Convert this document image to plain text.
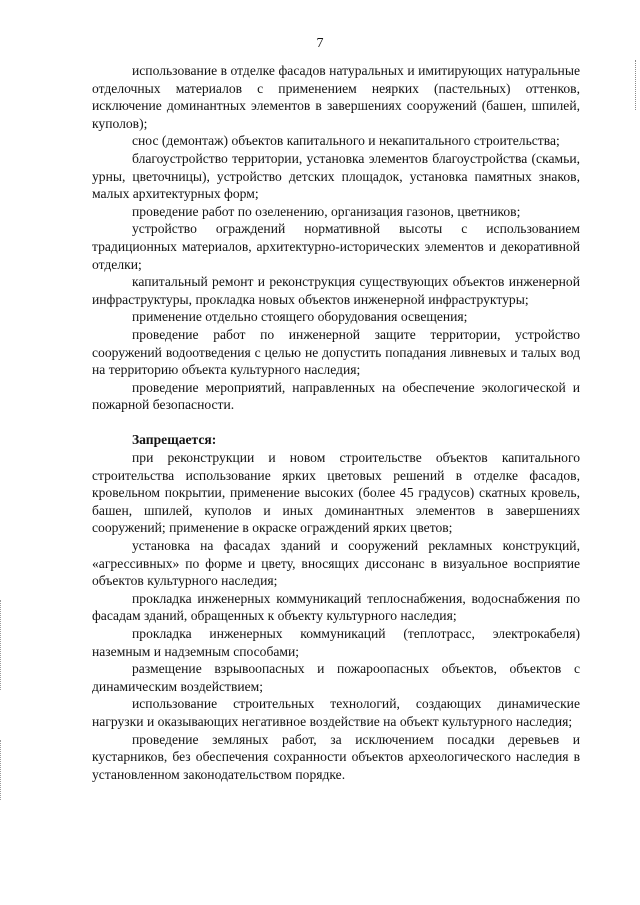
7

использование в отделке фасадов натуральных и имитирующих натуральные отделочных материалов с применением неярких (пастельных) оттенков, исключение доминантных элементов в завершениях сооружений (башен, шпилей, куполов);

снос (демонтаж) объектов капитального и некапитального строительства;

благоустройство территории, установка элементов благоустройства (скамьи, урны, цветочницы), устройство детских площадок, установка памятных знаков, малых архитектурных форм;

проведение работ по озеленению, организация газонов, цветников;

устройство ограждений нормативной высоты с использованием традиционных материалов, архитектурно-исторических элементов и декоративной отделки;

капитальный ремонт и реконструкция существующих объектов инженерной инфраструктуры, прокладка новых объектов инженерной инфраструктуры;

применение отдельно стоящего оборудования освещения;

проведение работ по инженерной защите территории, устройство сооружений водоотведения с целью не допустить попадания ливневых и талых вод на территорию объекта культурного наследия;

проведение мероприятий, направленных на обеспечение экологической и пожарной безопасности.

Запрещается:

при реконструкции и новом строительстве объектов капитального строительства использование ярких цветовых решений в отделке фасадов, кровельном покрытии, применение высоких (более 45 градусов) скатных кровель, башен, шпилей, куполов и иных доминантных элементов в завершениях сооружений; применение в окраске ограждений ярких цветов;

установка на фасадах зданий и сооружений рекламных конструкций, «агрессивных» по форме и цвету, вносящих диссонанс в визуальное восприятие объектов культурного наследия;

прокладка инженерных коммуникаций теплоснабжения, водоснабжения по фасадам зданий, обращенных к объекту культурного наследия;

прокладка инженерных коммуникаций (теплотрасс, электрокабеля) наземным и надземным способами;

размещение взрывоопасных и пожароопасных объектов, объектов с динамическим воздействием;

использование строительных технологий, создающих динамические нагрузки и оказывающих негативное воздействие на объект культурного наследия;

проведение земляных работ, за исключением посадки деревьев и кустарников, без обеспечения сохранности объектов археологического наследия в установленном законодательством порядке.
